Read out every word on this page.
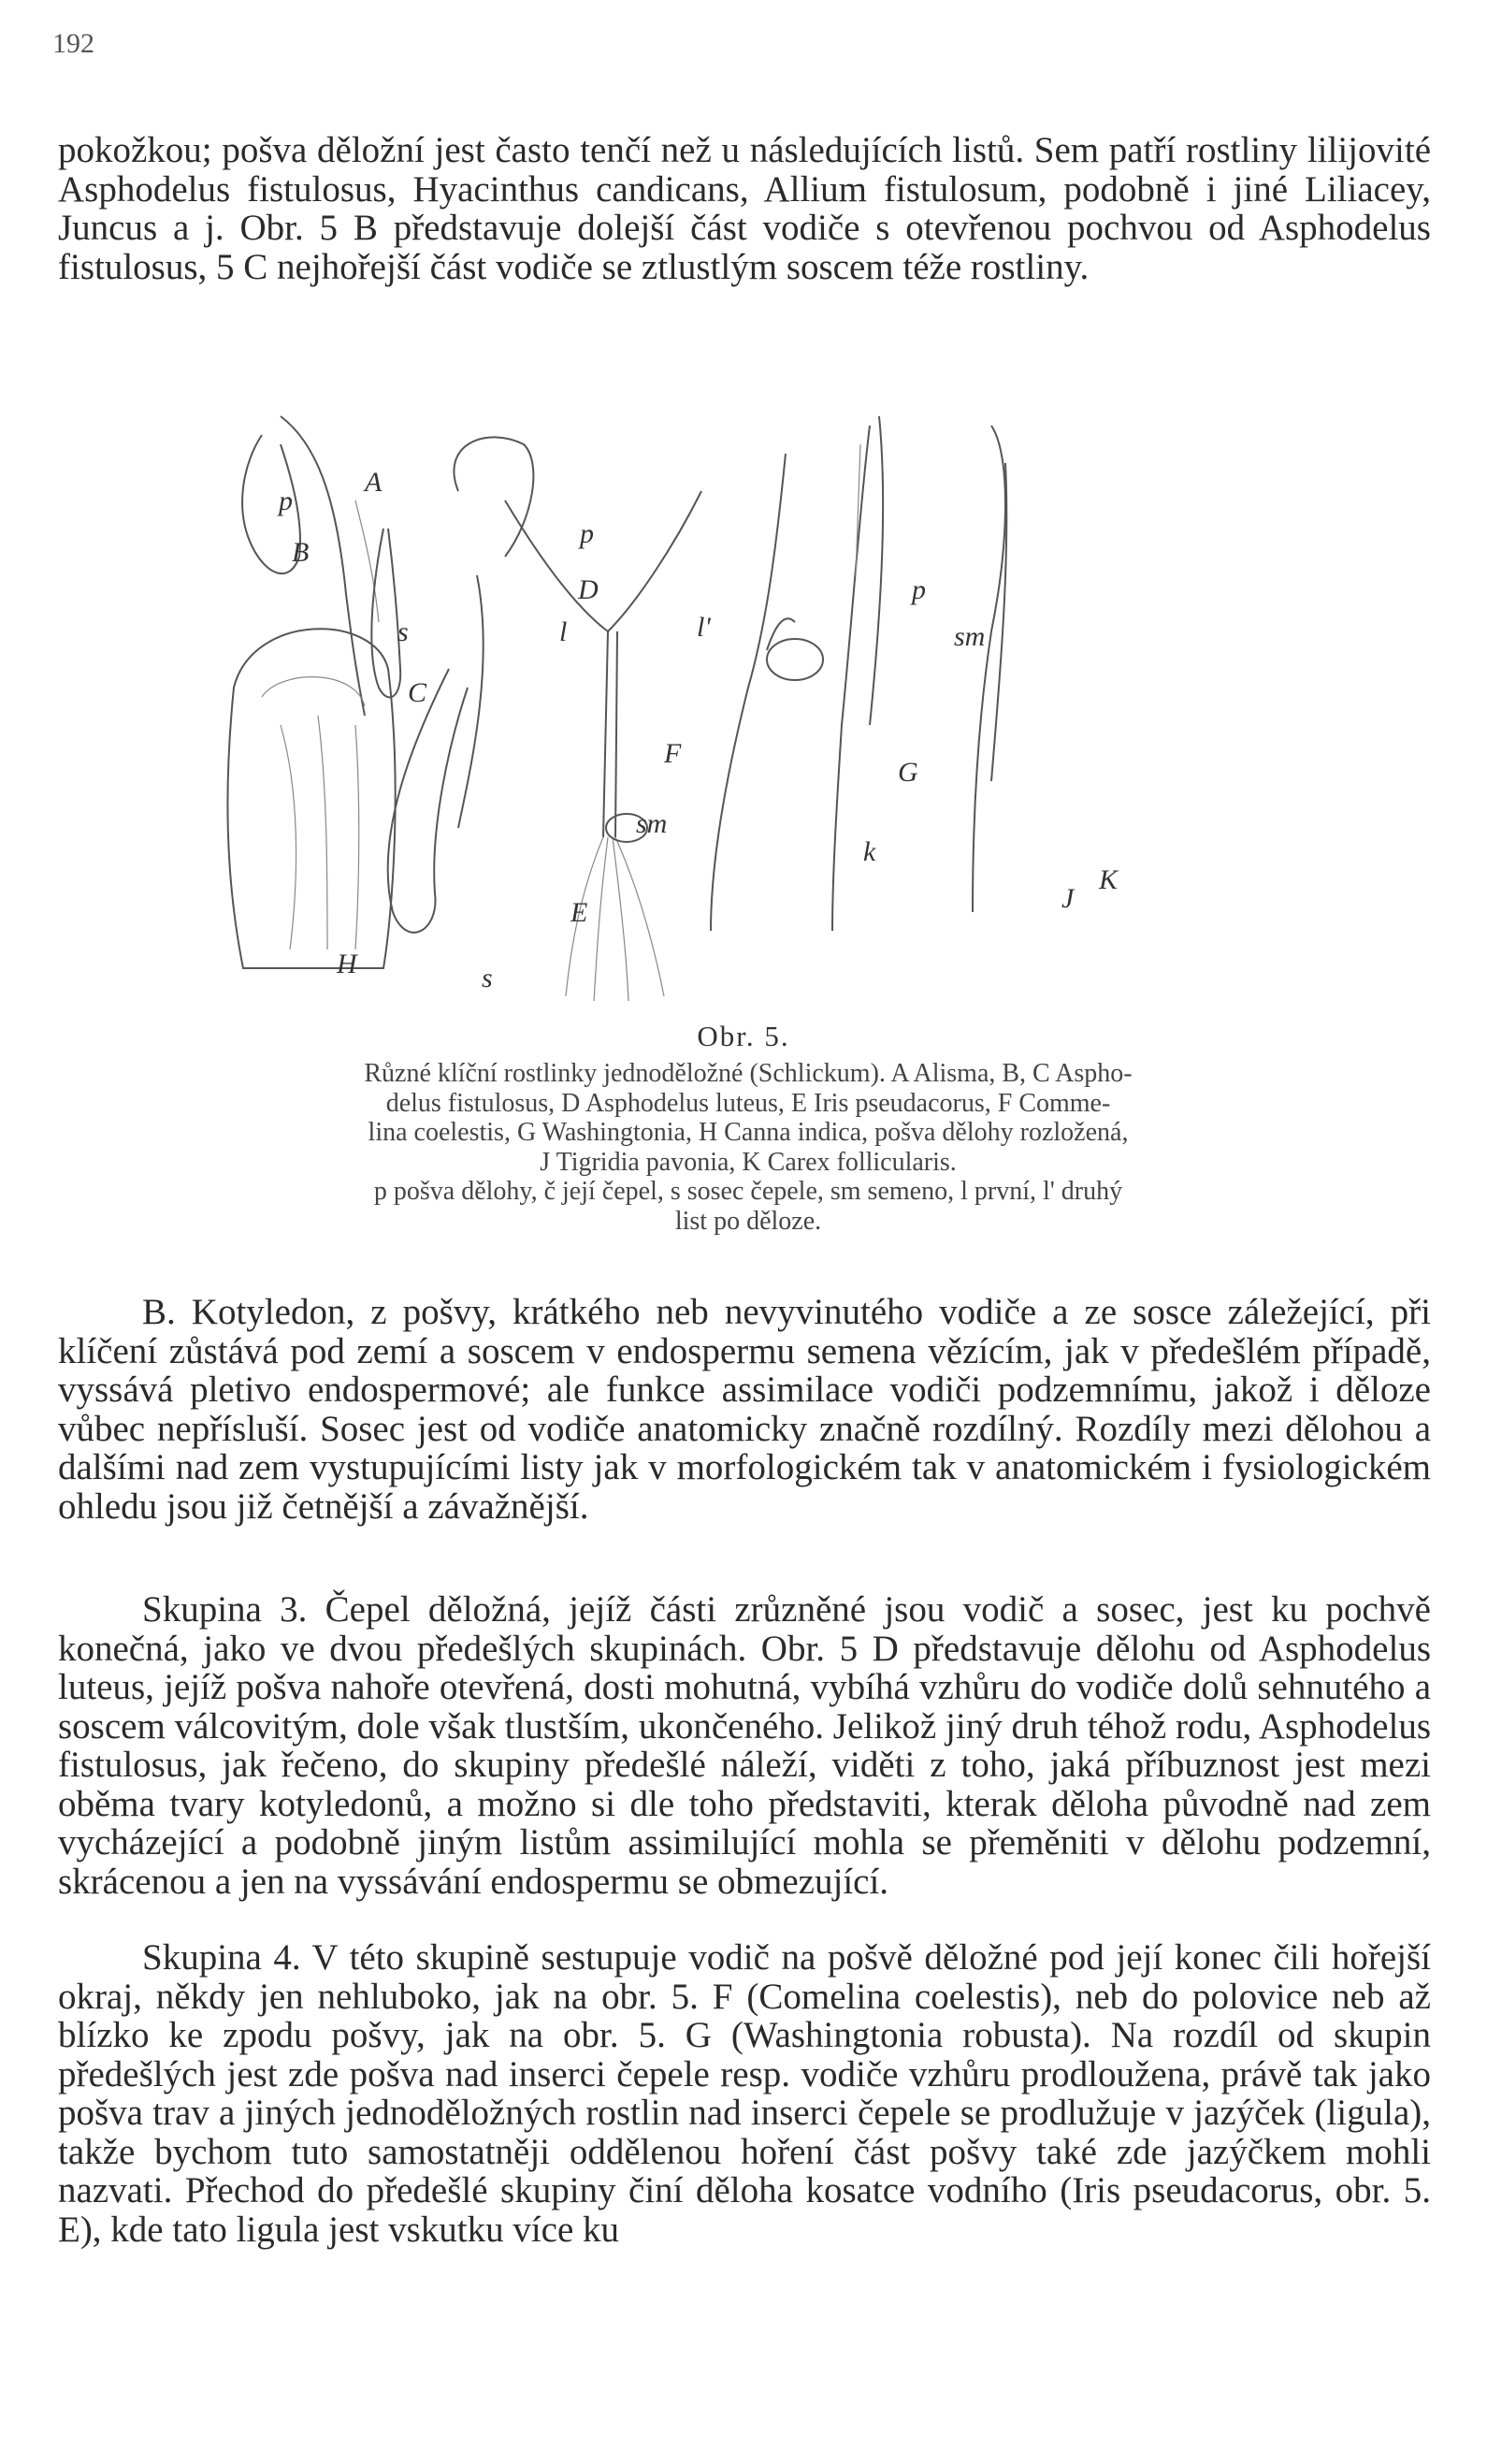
192

pokožkou; pošva děložní jest často tenčí než u následujících listů. Sem patří rostliny lilijovité Asphodelus fistulosus, Hyacinthus candicans, Allium fistulosum, podobně i jiné Liliacey, Juncus a j. Obr. 5 B představuje dolejší část vodiče s otevřenou pochvou od Asphodelus fistulosus, 5 C nejhořejší část vodiče se ztlustlým soscem téže rostliny.

A
B
C
D
E
F
G
H
J
K
p
p
p
s
s
l	l'	sm
sm
k
Obr. 5.
Různé klíční rostlinky jednoděložné (Schlickum). A Alisma, B, C Aspho-
delus fistulosus, D Asphodelus luteus, E Iris pseudacorus, F Comme-
lina coelestis, G Washingtonia, H Canna indica, pošva dělohy rozložená,
J Tigridia pavonia, K Carex follicularis.
p pošva dělohy, č její čepel, s sosec čepele, sm semeno, l první, l' druhý
list po děloze.

B. Kotyledon, z pošvy, krátkého neb nevyvinutého vodiče a ze sosce záležející, při klíčení zůstává pod zemí a soscem v endospermu semena vězícím, jak v předešlém případě, vyssává pletivo endospermové; ale funkce assimilace vodiči podzemnímu, jakož i děloze vůbec nepřísluší. Sosec jest od vodiče anatomicky značně rozdílný. Rozdíly mezi dělohou a dalšími nad zem vystupujícími listy jak v morfologickém tak v anatomickém i fysiologickém ohledu jsou již četnější a závažnější.

Skupina 3. Čepel děložná, jejíž části zrůzněné jsou vodič a sosec, jest ku pochvě konečná, jako ve dvou předešlých skupinách. Obr. 5 D představuje dělohu od Asphodelus luteus, jejíž pošva nahoře otevřená, dosti mohutná, vybíhá vzhůru do vodiče dolů sehnutého a soscem válcovitým, dole však tlustším, ukončeného. Jelikož jiný druh téhož rodu, Asphodelus fistulosus, jak řečeno, do skupiny předešlé náleží, viděti z toho, jaká příbuznost jest mezi oběma tvary kotyledonů, a možno si dle toho představiti, kterak děloha původně nad zem vycházející a podobně jiným listům assimilující mohla se přeměniti v dělohu podzemní, skrácenou a jen na vyssávání endospermu se obmezující.

Skupina 4. V této skupině sestupuje vodič na pošvě děložné pod její konec čili hořejší okraj, někdy jen nehluboko, jak na obr. 5. F (Comelina coelestis), neb do polovice neb až blízko ke zpodu pošvy, jak na obr. 5. G (Washingtonia robusta). Na rozdíl od skupin předešlých jest zde pošva nad inserci čepele resp. vodiče vzhůru prodloužena, právě tak jako pošva trav a jiných jednoděložných rostlin nad inserci čepele se prodlužuje v jazýček (ligula), takže bychom tuto samostatněji oddělenou hoření část pošvy také zde jazýčkem mohli nazvati. Přechod do předešlé skupiny činí děloha kosatce vodního (Iris pseudacorus, obr. 5. E), kde tato ligula jest vskutku více ku
